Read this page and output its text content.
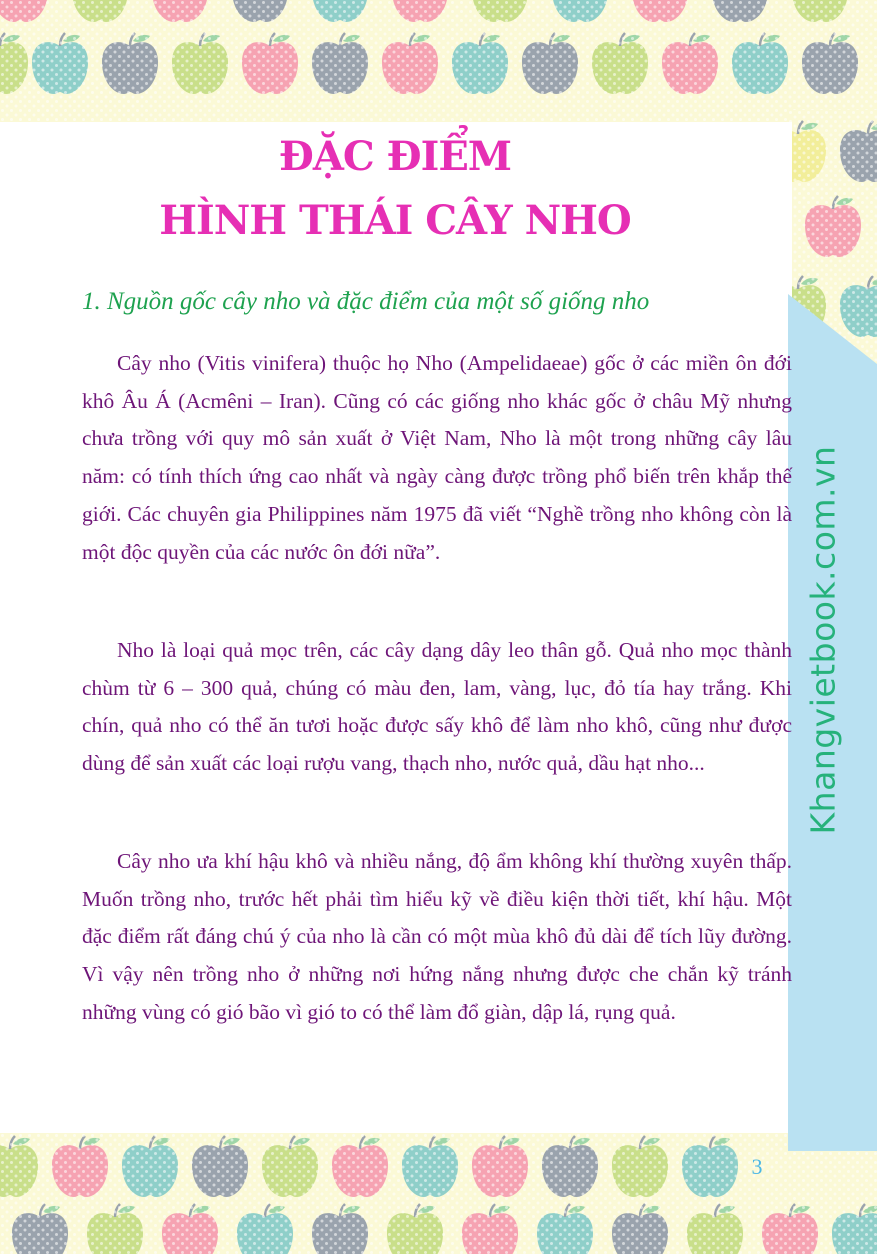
Khangvietbook.com.vn
ĐẶC ĐIỂM
HÌNH THÁI CÂY NHO
1. Nguồn gốc cây nho và đặc điểm của một số giống nho

Cây nho (Vitis vinifera) thuộc họ Nho (Ampelidaeae) gốc ở các miền ôn đới khô Âu Á (Acmêni – Iran). Cũng có các giống nho khác gốc ở châu Mỹ nhưng chưa trồng với quy mô sản xuất ở Việt Nam, Nho là một trong những cây lâu năm: có tính thích ứng cao nhất và ngày càng được trồng phổ biến trên khắp thế giới. Các chuyên gia Philippines năm 1975 đã viết “Nghề trồng nho không còn là một độc quyền của các nước ôn đới nữa”.

Nho là loại quả mọc trên, các cây dạng dây leo thân gỗ. Quả nho mọc thành chùm từ 6 – 300 quả, chúng có màu đen, lam, vàng, lục, đỏ tía hay trắng. Khi chín, quả nho có thể ăn tươi hoặc được sấy khô để làm nho khô, cũng như được dùng để sản xuất các loại rượu vang, thạch nho, nước quả, dầu hạt nho...

Cây nho ưa khí hậu khô và nhiều nắng, độ ẩm không khí thường xuyên thấp. Muốn trồng nho, trước hết phải tìm hiểu kỹ về điều kiện thời tiết, khí hậu. Một đặc điểm rất đáng chú ý của nho là cần có một mùa khô đủ dài để tích lũy đường. Vì vậy nên trồng nho ở những nơi hứng nắng nhưng được che chắn kỹ tránh những vùng có gió bão vì gió to có thể làm đổ giàn, dập lá, rụng quả.

3
